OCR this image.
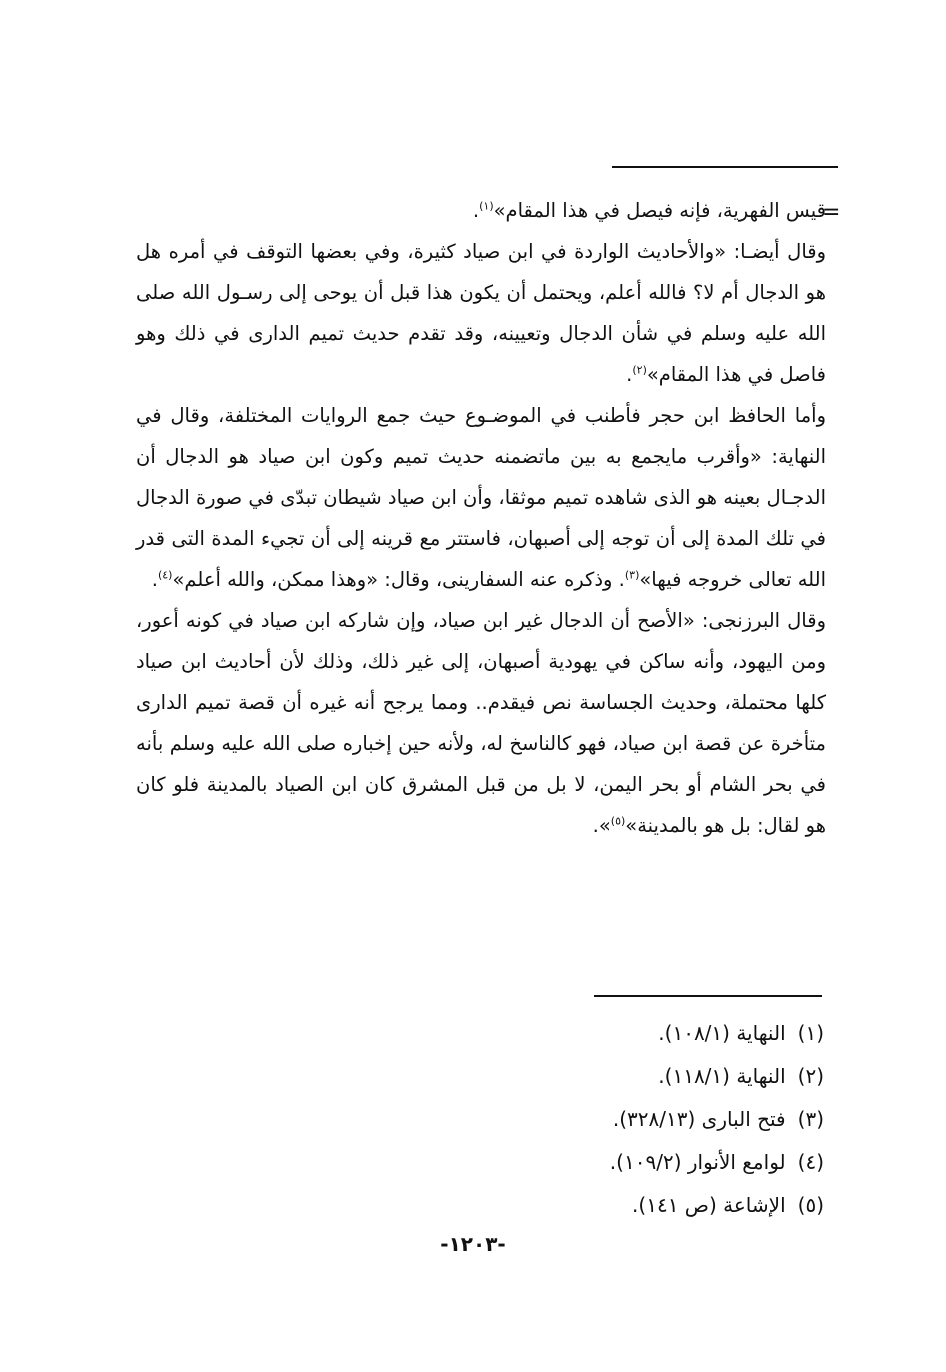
=

قيس الفهرية، فإنه فيصل في هذا المقام»$^{(١)}$.

وقال أيضـا: «والأحاديث الواردة في ابن صياد كثيرة، وفي بعضها التوقف في أمره هل هو الدجال أم لا؟ فالله أعلم، ويحتمل أن يكون هذا قبل أن يوحى إلى رسـول الله صلى الله عليه وسلم في شأن الدجال وتعيينه، وقد تقدم حديث تميم الدارى في ذلك وهو فاصل في هذا المقام»$^{(٢)}$.

وأما الحافظ ابن حجر فأطنب في الموضـوع حيث جمع الروايات المختلفة، وقال في النهاية: «وأقرب مايجمع به بين ماتضمنه حديث تميم وكون ابن صياد هو الدجال أن الدجـال بعينه هو الذى شاهده تميم موثقا، وأن ابن صياد شيطان تبدّى في صورة الدجال في تلك المدة إلى أن توجه إلى أصبهان، فاستتر مع قرينه إلى أن تجيء المدة التى قدر الله تعالى خروجه فيها»$^{(٣)}$. وذكره عنه السفارينى، وقال: «وهذا ممكن، والله أعلم»$^{(٤)}$.

وقال البرزنجى: «الأصح أن الدجال غير ابن صياد، وإن شاركه ابن صياد في كونه أعور، ومن اليهود، وأنه ساكن في يهودية أصبهان، إلى غير ذلك، وذلك لأن أحاديث ابن صياد كلها محتملة، وحديث الجساسة نص فيقدم.. ومما يرجح أنه غيره أن قصة تميم الدارى متأخرة عن قصة ابن صياد، فهو كالناسخ له، ولأنه حين إخباره صلى الله عليه وسلم بأنه في بحر الشام أو بحر اليمن، لا بل من قبل المشرق كان ابن الصياد بالمدينة فلو كان هو لقال: بل هو بالمدينة»$^{(٥)}$».

(١)النهاية (١٠٨/١).
(٢)النهاية (١١٨/١).
(٣)فتح البارى (٣٢٨/١٣).
(٤)لوامع الأنوار (١٠٩/٢).
(٥)الإشاعة (ص ١٤١).
-١٢٠٣-
